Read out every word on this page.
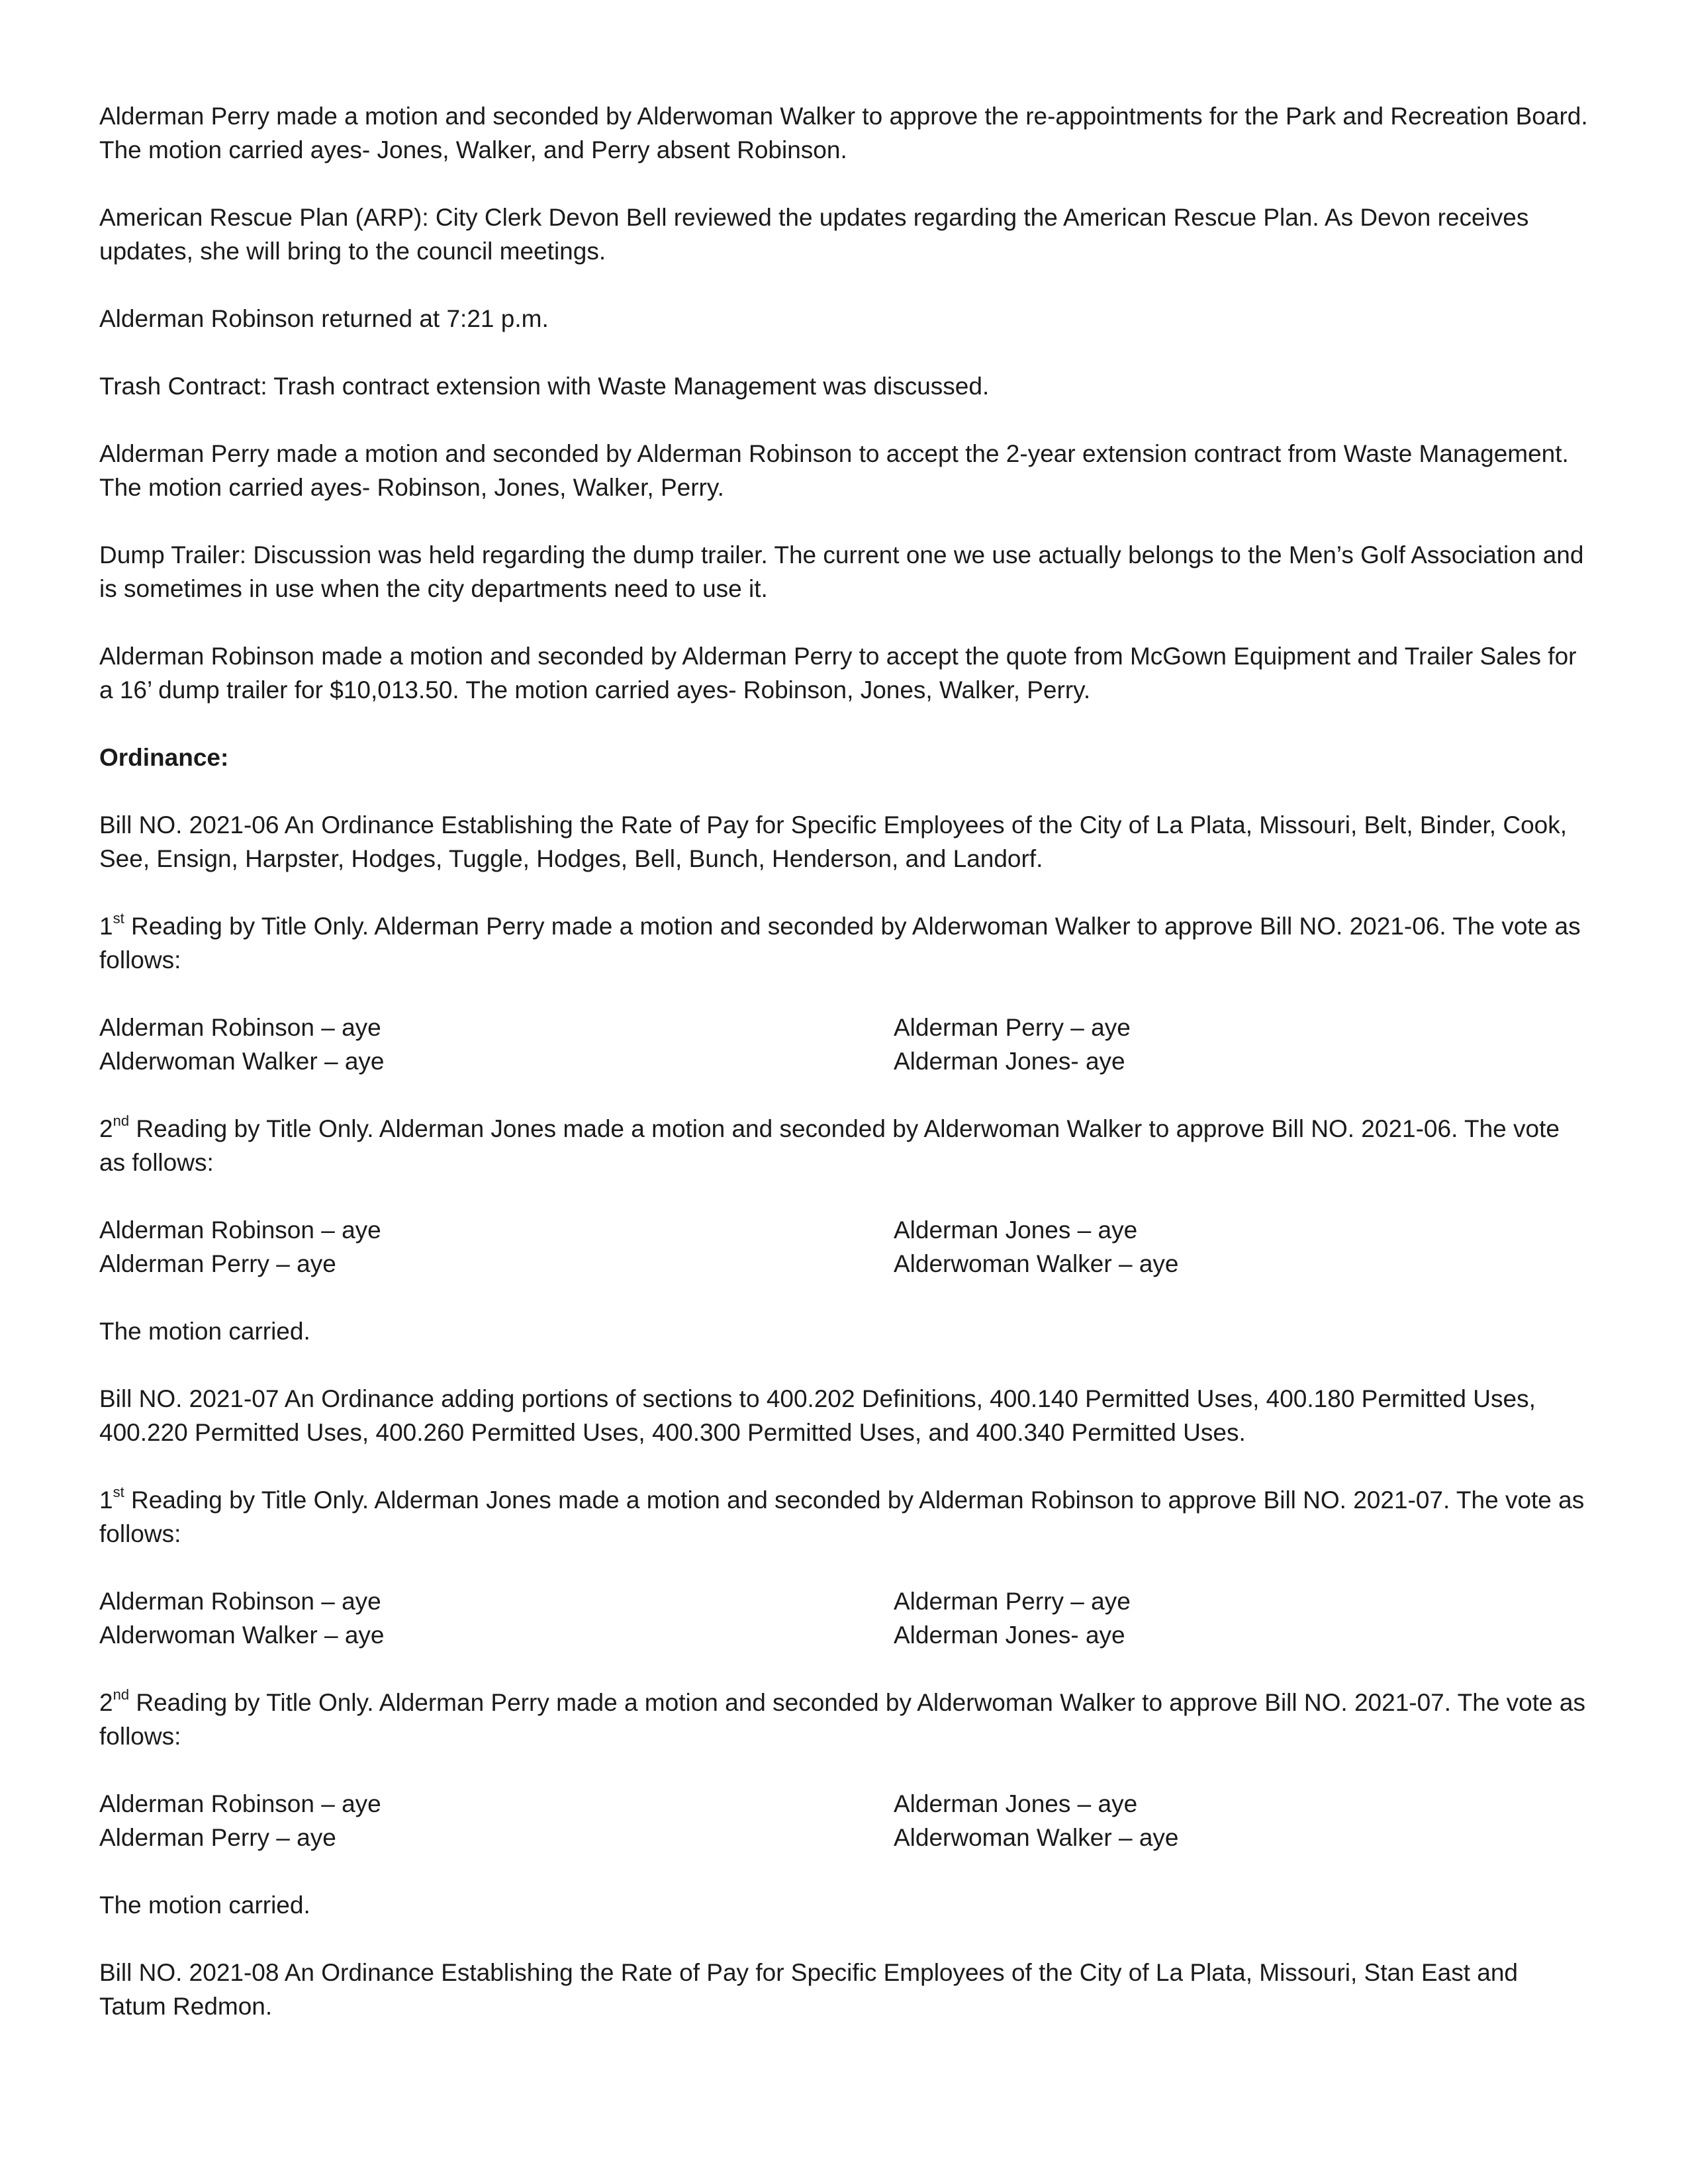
Alderman Perry made a motion and seconded by Alderwoman Walker to approve the re-appointments for the Park and Recreation Board. The motion carried ayes- Jones, Walker, and Perry absent Robinson.

American Rescue Plan (ARP): City Clerk Devon Bell reviewed the updates regarding the American Rescue Plan. As Devon receives updates, she will bring to the council meetings.

Alderman Robinson returned at 7:21 p.m.

Trash Contract: Trash contract extension with Waste Management was discussed.

Alderman Perry made a motion and seconded by Alderman Robinson to accept the 2-year extension contract from Waste Management. The motion carried ayes- Robinson, Jones, Walker, Perry.

Dump Trailer: Discussion was held regarding the dump trailer. The current one we use actually belongs to the Men’s Golf Association and is sometimes in use when the city departments need to use it.

Alderman Robinson made a motion and seconded by Alderman Perry to accept the quote from McGown Equipment and Trailer Sales for a 16’ dump trailer for $10,013.50. The motion carried ayes- Robinson, Jones, Walker, Perry.

Ordinance:

Bill NO. 2021-06 An Ordinance Establishing the Rate of Pay for Specific Employees of the City of La Plata, Missouri, Belt, Binder, Cook, See, Ensign, Harpster, Hodges, Tuggle, Hodges, Bell, Bunch, Henderson, and Landorf.

1st Reading by Title Only. Alderman Perry made a motion and seconded by Alderwoman Walker to approve Bill NO. 2021-06. The vote as follows:

Alderman Robinson – aye	Alderman Perry – aye
Alderwoman Walker – aye	Alderman Jones- aye

2nd Reading by Title Only. Alderman Jones made a motion and seconded by Alderwoman Walker to approve Bill NO. 2021-06. The vote as follows:

Alderman Robinson – aye	Alderman Jones – aye
Alderman Perry – aye	Alderwoman Walker – aye

The motion carried.

Bill NO. 2021-07 An Ordinance adding portions of sections to 400.202 Definitions, 400.140 Permitted Uses, 400.180 Permitted Uses, 400.220 Permitted Uses, 400.260 Permitted Uses, 400.300 Permitted Uses, and 400.340 Permitted Uses.

1st Reading by Title Only. Alderman Jones made a motion and seconded by Alderman Robinson to approve Bill NO. 2021-07. The vote as follows:

Alderman Robinson – aye	Alderman Perry – aye
Alderwoman Walker – aye	Alderman Jones- aye

2nd Reading by Title Only. Alderman Perry made a motion and seconded by Alderwoman Walker to approve Bill NO. 2021-07. The vote as follows:

Alderman Robinson – aye	Alderman Jones – aye
Alderman Perry – aye	Alderwoman Walker – aye

The motion carried.

Bill NO. 2021-08 An Ordinance Establishing the Rate of Pay for Specific Employees of the City of La Plata, Missouri, Stan East and Tatum Redmon.
